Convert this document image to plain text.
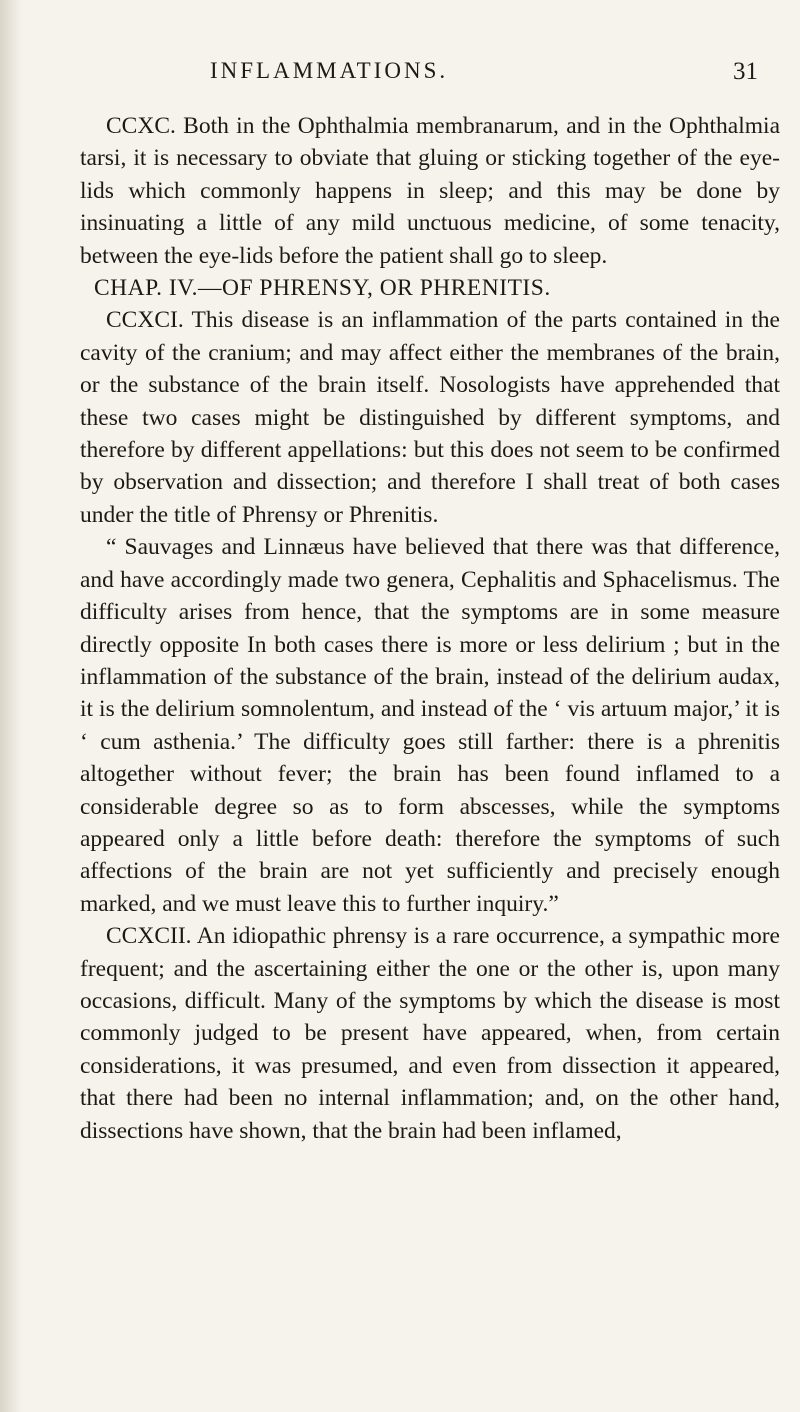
INFLAMMATIONS.	31

CCXC. Both in the Ophthalmia membranarum, and in the Ophthalmia tarsi, it is necessary to obviate that gluing or sticking together of the eye-lids which commonly happens in sleep; and this may be done by insinuating a little of any mild unctuous medicine, of some tenacity, between the eye-lids before the patient shall go to sleep.

CHAP. IV.—OF PHRENSY, OR PHRENITIS.

CCXCI. This disease is an inflammation of the parts contained in the cavity of the cranium; and may affect either the membranes of the brain, or the substance of the brain itself. Nosologists have apprehended that these two cases might be distinguished by different symptoms, and therefore by different appellations: but this does not seem to be confirmed by observation and dissection; and therefore I shall treat of both cases under the title of Phrensy or Phrenitis.

“ Sauvages and Linnæus have believed that there was that difference, and have accordingly made two genera, Cephalitis and Sphacelismus. The difficulty arises from hence, that the symptoms are in some measure directly opposite In both cases there is more or less delirium ; but in the inflammation of the substance of the brain, instead of the delirium audax, it is the delirium somnolentum, and instead of the ‘ vis artuum major,’ it is ‘ cum asthenia.’ The difficulty goes still farther: there is a phrenitis altogether without fever; the brain has been found inflamed to a considerable degree so as to form abscesses, while the symptoms appeared only a little before death: therefore the symptoms of such affections of the brain are not yet sufficiently and precisely enough marked, and we must leave this to further inquiry.”

CCXCII. An idiopathic phrensy is a rare occurrence, a sympathic more frequent; and the ascertaining either the one or the other is, upon many occasions, difficult. Many of the symptoms by which the disease is most commonly judged to be present have appeared, when, from certain considerations, it was presumed, and even from dissection it appeared, that there had been no internal inflammation; and, on the other hand, dissections have shown, that the brain had been inflamed,
